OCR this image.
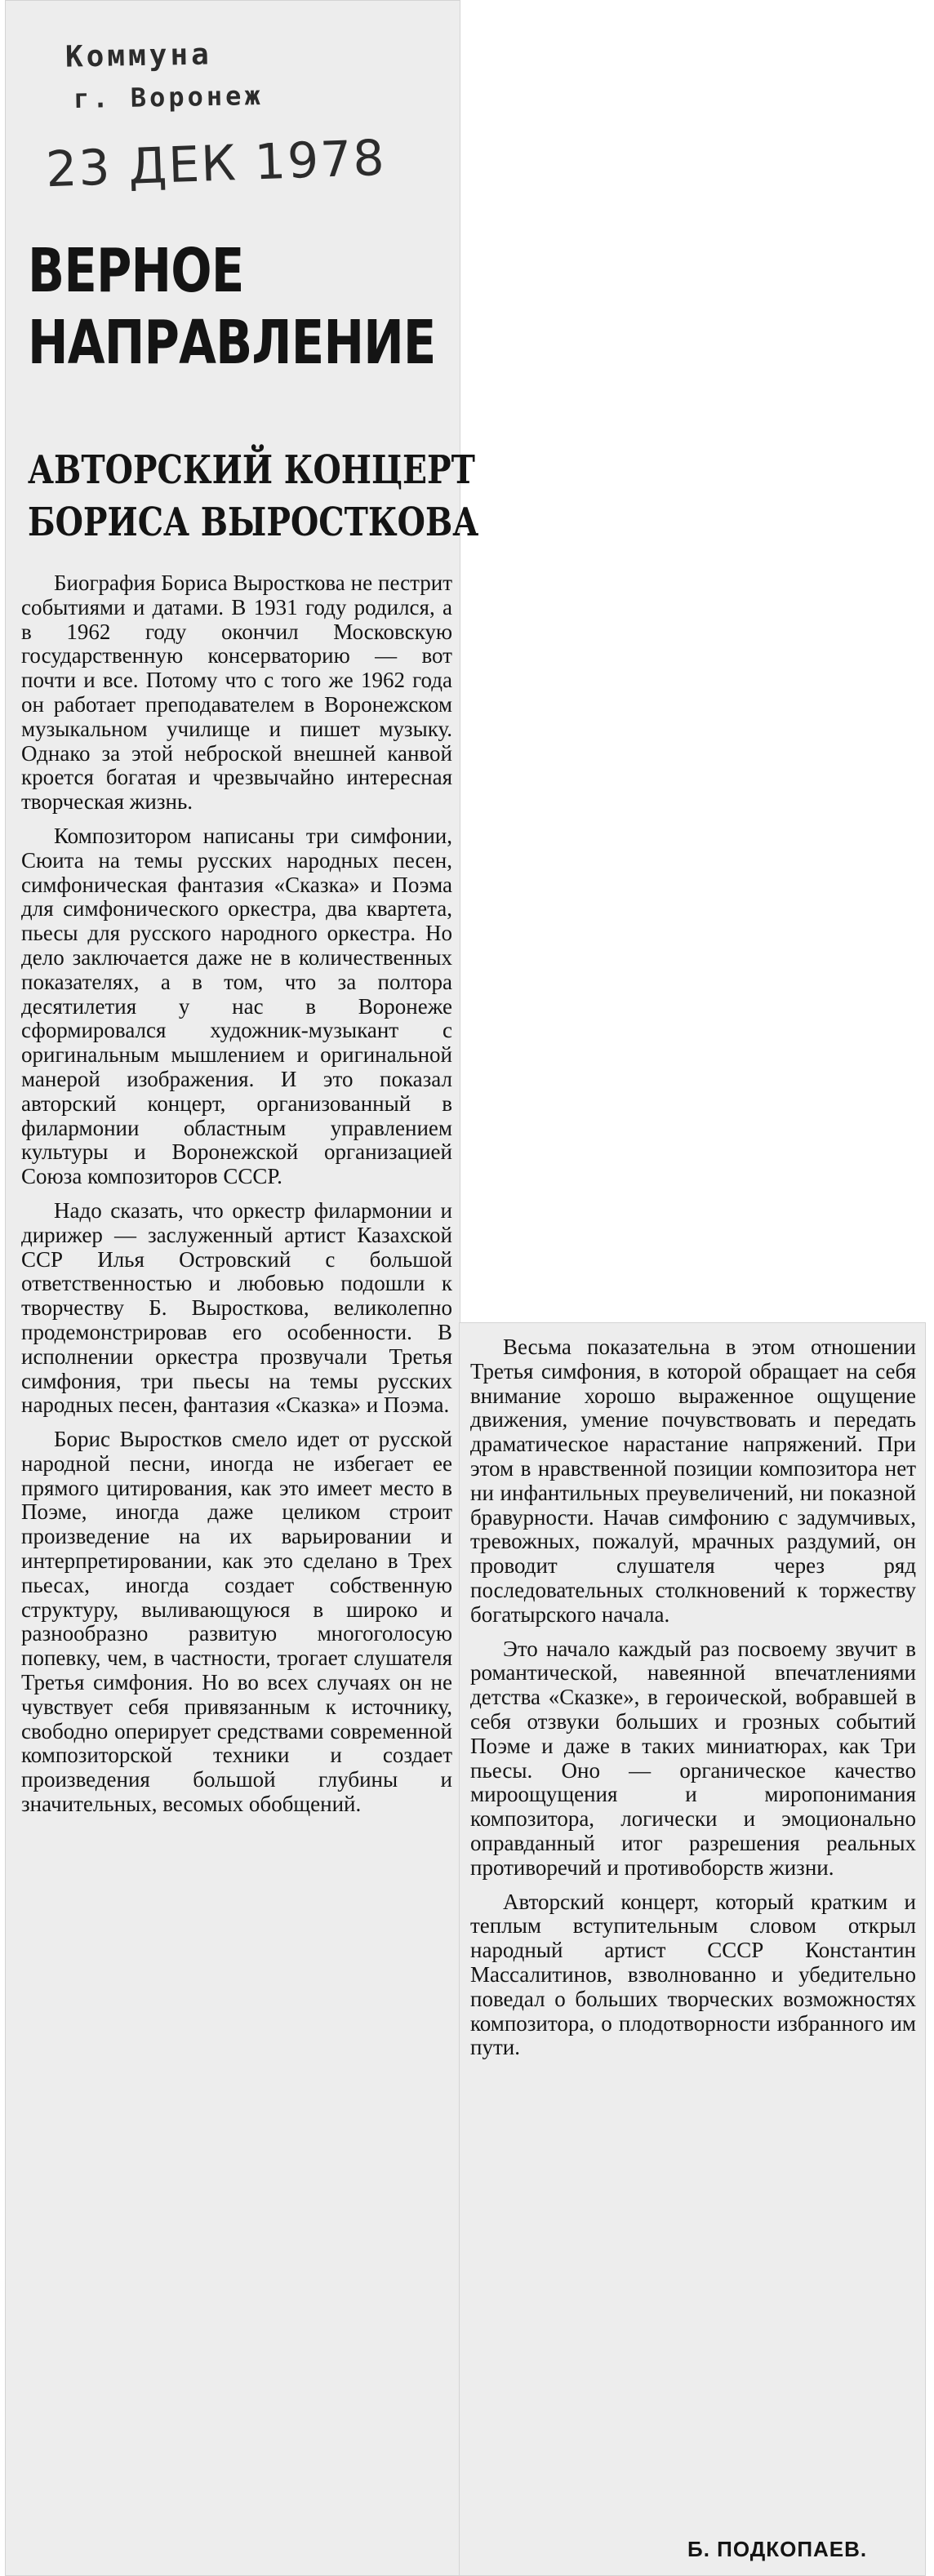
Коммуна
г. Воронеж
23 ДЕК 1978
ВЕРНОЕ
НАПРАВЛЕНИЕ
АВТОРСКИЙ КОНЦЕРТ
БОРИСА ВЫРОСТКОВА

Биография Бориса Выросткова не пестрит событиями и датами. В 1931 году родился, а в 1962 году окончил Московскую государственную консерваторию — вот почти и все. Потому что с того же 1962 года он работает преподавателем в Воронежском музыкальном училище и пишет музыку. Однако за этой неброской внешней канвой кроется богатая и чрезвычайно интересная творческая жизнь.

Композитором написаны три симфонии, Сюита на темы русских народных песен, симфоническая фантазия «Сказка» и Поэма для симфонического оркестра, два квартета, пьесы для русского народного оркестра. Но дело заключается даже не в количественных показателях, а в том, что за полтора десятилетия у нас в Воронеже сформировался художник-музыкант с оригинальным мышлением и оригинальной манерой изображения. И это показал авторский концерт, организованный в филармонии областным управлением культуры и Воронежской организацией Союза композиторов СССР.

Надо сказать, что оркестр филармонии и дирижер — заслуженный артист Казахской ССР Илья Островский с большой ответственностью и любовью подошли к творчеству Б. Выросткова, великолепно продемонстрировав его особенности. В исполнении оркестра прозвучали Третья симфония, три пьесы на темы русских народных песен, фантазия «Сказка» и Поэма.

Борис Выростков смело идет от русской народной песни, иногда не избегает ее прямого цитирования, как это имеет место в Поэме, иногда даже целиком строит произведение на их варьировании и интерпретировании, как это сделано в Трех пьесах, иногда создает собственную структуру, выливающуюся в широко и разнообразно развитую многоголосую попевку, чем, в частности, трогает слушателя Третья симфония. Но во всех случаях он не чувствует себя привязанным к источнику, свободно оперирует средствами современной композиторской техники и создает произведения большой глубины и значительных, весомых обобщений.

Весьма показательна в этом отношении Третья симфония, в которой обращает на себя внимание хорошо выраженное ощущение движения, умение почувствовать и передать драматическое нарастание напряжений. При этом в нравственной позиции композитора нет ни инфантильных преувеличений, ни показной бравурности. Начав симфонию с задумчивых, тревожных, пожалуй, мрачных раздумий, он проводит слушателя через ряд последовательных столкновений к торжеству богатырского начала.

Это начало каждый раз посвоему звучит в романтической, навеянной впечатлениями детства «Сказке», в героической, вобравшей в себя отзвуки больших и грозных событий Поэме и даже в таких миниатюрах, как Три пьесы. Оно — органическое качество мироощущения и миропонимания композитора, логически и эмоционально оправданный итог разрешения реальных противоречий и противоборств жизни.

Авторский концерт, который кратким и теплым вступительным словом открыл народный артист СССР Константин Массалитинов, взволнованно и убедительно поведал о больших творческих возможностях композитора, о плодотворности избранного им пути.

Б. ПОДКОПАЕВ.
